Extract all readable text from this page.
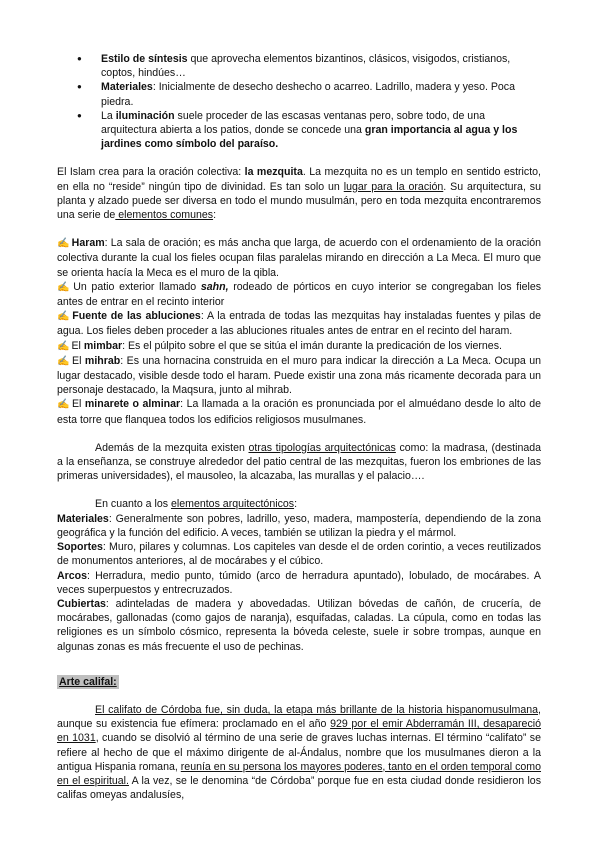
● Estilo de síntesis que aprovecha elementos bizantinos, clásicos, visigodos, cristianos, coptos, hindúes…
● Materiales: Inicialmente de desecho deshecho o acarreo. Ladrillo, madera y yeso. Poca piedra.
● La iluminación suele proceder de las escasas ventanas pero, sobre todo, de una arquitectura abierta a los patios, donde se concede una gran importancia al agua y los jardines como símbolo del paraíso.

El Islam crea para la oración colectiva: la mezquita. La mezquita no es un templo en sentido estricto, en ella no “reside” ningún tipo de divinidad. Es tan solo un lugar para la oración. Su arquitectura, su planta y alzado puede ser diversa en todo el mundo musulmán, pero en toda mezquita encontraremos una serie de elementos comunes:

✍ Haram: La sala de oración; es más ancha que larga, de acuerdo con el ordenamiento de la oración colectiva durante la cual los fieles ocupan filas paralelas mirando en dirección a La Meca. El muro que se orienta hacía la Meca es el muro de la qibla.

✍ Un patio exterior llamado sahn, rodeado de pórticos en cuyo interior se congregaban los fieles antes de entrar en el recinto interior

✍ Fuente de las abluciones: A la entrada de todas las mezquitas hay instaladas fuentes y pilas de agua. Los fieles deben proceder a las abluciones rituales antes de entrar en el recinto del haram.

✍ El mimbar: Es el púlpito sobre el que se sitúa el imán durante la predicación de los viernes.

✍ El mihrab: Es una hornacina construida en el muro para indicar la dirección a La Meca. Ocupa un lugar destacado, visible desde todo el haram. Puede existir una zona más ricamente decorada para un personaje destacado, la Maqsura, junto al mihrab.

✍ El minarete o alminar: La llamada a la oración es pronunciada por el almuédano desde lo alto de esta torre que flanquea todos los edificios religiosos musulmanes.

Además de la mezquita existen otras tipologías arquitectónicas como: la madrasa, (destinada a la enseñanza, se construye alrededor del patio central de las mezquitas, fueron los embriones de las primeras universidades), el mausoleo, la alcazaba, las murallas y el palacio….

En cuanto a los elementos arquitectónicos:

Materiales: Generalmente son pobres, ladrillo, yeso, madera, mampostería, dependiendo de la zona geográfica y la función del edificio. A veces, también se utilizan la piedra y el mármol.

Soportes: Muro, pilares y columnas. Los capiteles van desde el de orden corintio, a veces reutilizados de monumentos anteriores, al de mocárabes y el cúbico.

Arcos: Herradura, medio punto, túmido (arco de herradura apuntado), lobulado, de mocárabes. A veces superpuestos y entrecruzados.

Cubiertas: adinteladas de madera y abovedadas. Utilizan bóvedas de cañón, de crucería, de mocárabes, gallonadas (como gajos de naranja), esquifadas, caladas. La cúpula, como en todas las religiones es un símbolo cósmico, representa la bóveda celeste, suele ir sobre trompas, aunque en algunas zonas es más frecuente el uso de pechinas.

Arte califal:

El califato de Córdoba fue, sin duda, la etapa más brillante de la historia hispanomusulmana, aunque su existencia fue efímera: proclamado en el año 929 por el emir Abderramán III, desapareció en 1031, cuando se disolvió al término de una serie de graves luchas internas. El término “califato” se refiere al hecho de que el máximo dirigente de al-Ándalus, nombre que los musulmanes dieron a la antigua Hispania romana, reunía en su persona los mayores poderes, tanto en el orden temporal como en el espiritual. A la vez, se le denomina “de Córdoba” porque fue en esta ciudad donde residieron los califas omeyas andalusíes,
